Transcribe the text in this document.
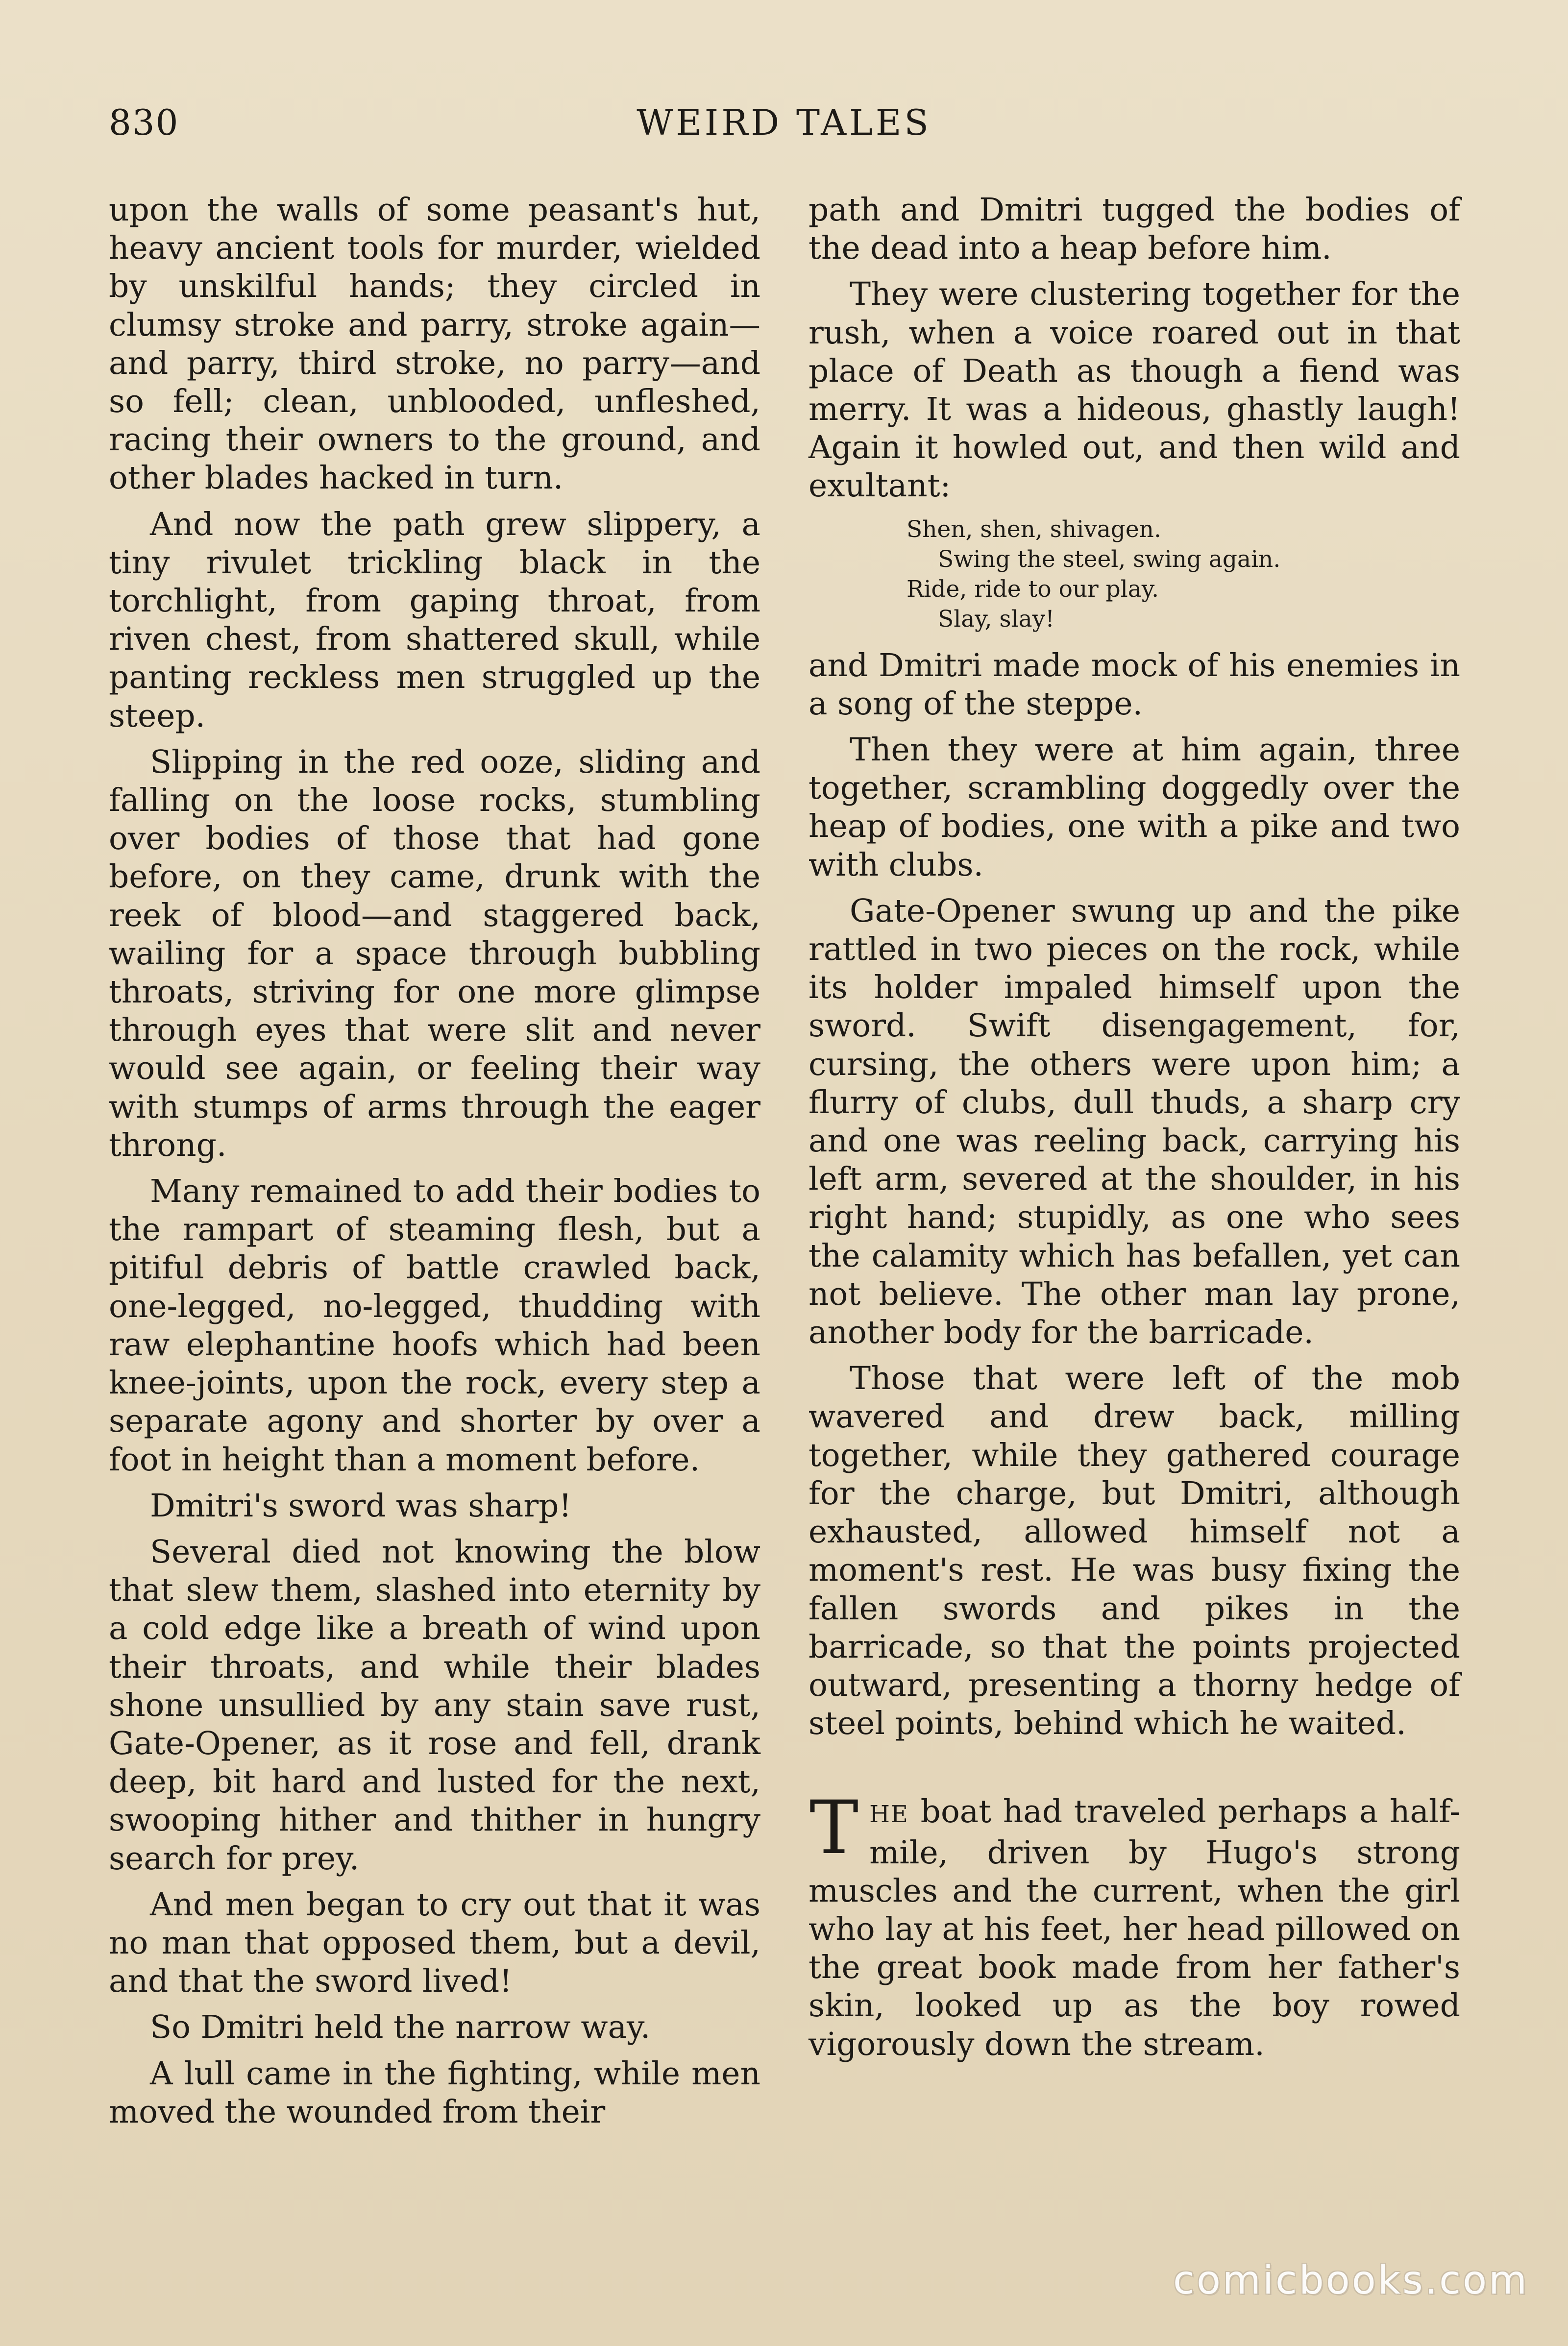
830	WEIRD TALES

upon the walls of some peasant's hut, heavy ancient tools for murder, wielded by unskilful hands; they circled in clumsy stroke and parry, stroke again—and parry, third stroke, no parry—and so fell; clean, unblooded, unfleshed, racing their owners to the ground, and other blades hacked in turn.

And now the path grew slippery, a tiny rivulet trickling black in the torchlight, from gaping throat, from riven chest, from shattered skull, while panting reckless men struggled up the steep.

Slipping in the red ooze, sliding and falling on the loose rocks, stumbling over bodies of those that had gone before, on they came, drunk with the reek of blood—and staggered back, wailing for a space through bubbling throats, striving for one more glimpse through eyes that were slit and never would see again, or feeling their way with stumps of arms through the eager throng.

Many remained to add their bodies to the rampart of steaming flesh, but a pitiful debris of battle crawled back, one-legged, no-legged, thudding with raw elephantine hoofs which had been knee-joints, upon the rock, every step a separate agony and shorter by over a foot in height than a moment before.

Dmitri's sword was sharp!

Several died not knowing the blow that slew them, slashed into eternity by a cold edge like a breath of wind upon their throats, and while their blades shone unsullied by any stain save rust, Gate-Opener, as it rose and fell, drank deep, bit hard and lusted for the next, swooping hither and thither in hungry search for prey.

And men began to cry out that it was no man that opposed them, but a devil, and that the sword lived!

So Dmitri held the narrow way.

A lull came in the fighting, while men moved the wounded from their

path and Dmitri tugged the bodies of the dead into a heap before him.

They were clustering together for the rush, when a voice roared out in that place of Death as though a fiend was merry. It was a hideous, ghastly laugh! Again it howled out, and then wild and exultant:

Shen, shen, shivagen.
Swing the steel, swing again.
Ride, ride to our play.
Slay, slay!

and Dmitri made mock of his enemies in a song of the steppe.

Then they were at him again, three together, scrambling doggedly over the heap of bodies, one with a pike and two with clubs.

Gate-Opener swung up and the pike rattled in two pieces on the rock, while its holder impaled himself upon the sword. Swift disengagement, for, cursing, the others were upon him; a flurry of clubs, dull thuds, a sharp cry and one was reeling back, carrying his left arm, severed at the shoulder, in his right hand; stupidly, as one who sees the calamity which has befallen, yet can not believe. The other man lay prone, another body for the barricade.

Those that were left of the mob wavered and drew back, milling together, while they gathered courage for the charge, but Dmitri, although exhausted, allowed himself not a moment's rest. He was busy fixing the fallen swords and pikes in the barricade, so that the points projected outward, presenting a thorny hedge of steel points, behind which he waited.

THE boat had traveled perhaps a half-mile, driven by Hugo's strong muscles and the current, when the girl who lay at his feet, her head pillowed on the great book made from her father's skin, looked up as the boy rowed vigorously down the stream.

comicbooks.com
